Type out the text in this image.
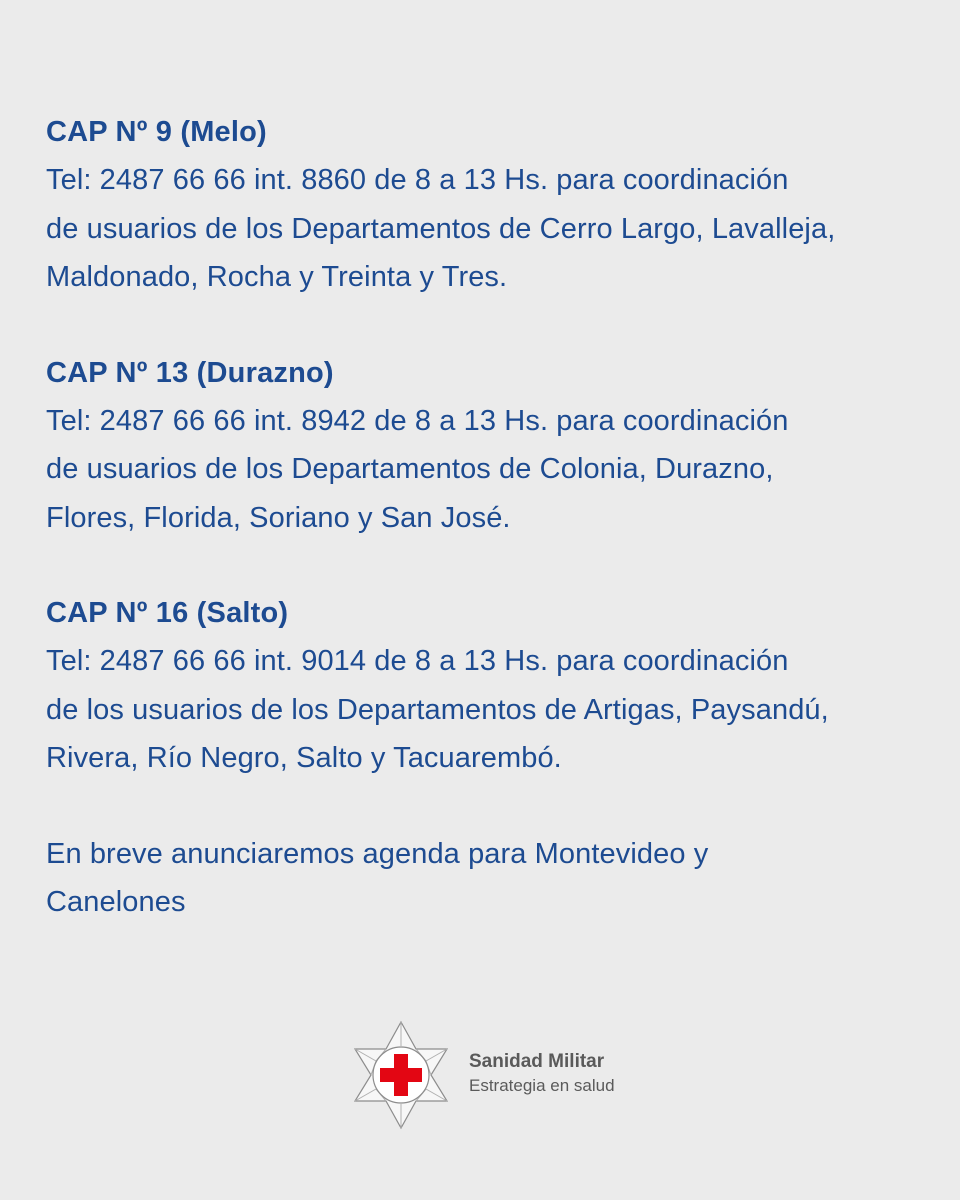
CAP Nº 9 (Melo)

Tel: 2487 66 66 int. 8860 de 8 a 13 Hs. para coordinación

de usuarios de los Departamentos de Cerro Largo, Lavalleja,

Maldonado, Rocha y Treinta y Tres.

CAP Nº 13 (Durazno)

Tel: 2487 66 66 int. 8942 de 8 a 13 Hs. para coordinación

de usuarios de los Departamentos de Colonia, Durazno,

Flores, Florida, Soriano y San José.

CAP Nº 16 (Salto)

Tel: 2487 66 66 int. 9014 de 8 a 13 Hs. para coordinación

de los usuarios de los Departamentos de Artigas, Paysandú,

Rivera, Río Negro, Salto y Tacuarembó.

En breve anunciaremos agenda para Montevideo y

Canelones

Sanidad Militar
Estrategia en salud
